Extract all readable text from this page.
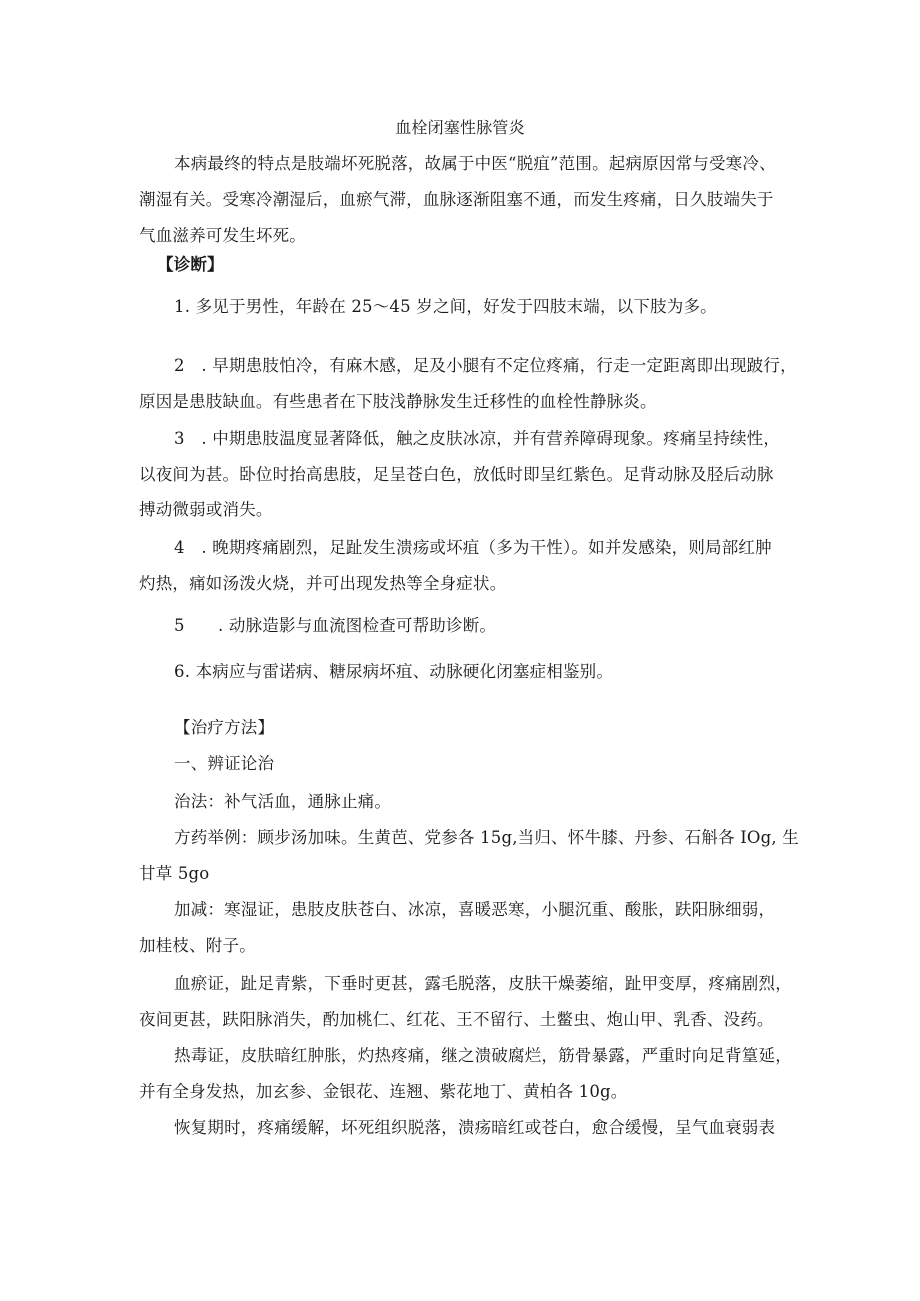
血栓闭塞性脉管炎
本病最终的特点是肢端坏死脱落，故属于中医“脱疽”范围。起病原因常与受寒冷、
潮湿有关。受寒冷潮湿后，血瘀气滞，血脉逐渐阻塞不通，而发生疼痛，日久肢端失于
气血滋养可发生坏死。
【诊断】
1. 多见于男性，年龄在 25～45 岁之间，好发于四肢末端，以下肢为多。
2　. 早期患肢怕冷，有麻木感，足及小腿有不定位疼痛，行走一定距离即出现跛行，
原因是患肢缺血。有些患者在下肢浅静脉发生迁移性的血栓性静脉炎。
3　. 中期患肢温度显著降低，触之皮肤冰凉，并有营养障碍现象。疼痛呈持续性，
以夜间为甚。卧位时抬高患肢，足呈苍白色，放低时即呈红紫色。足背动脉及胫后动脉
搏动微弱或消失。
4　. 晚期疼痛剧烈，足趾发生溃疡或坏疽（多为干性）。如并发感染，则局部红肿
灼热，痛如汤泼火烧，并可出现发热等全身症状。
5 . 动脉造影与血流图检查可帮助诊断。
6. 本病应与雷诺病、糖尿病坏疽、动脉硬化闭塞症相鉴别。
【治疗方法】
一、辨证论治
治法：补气活血，通脉止痛。
方药举例：顾步汤加味。生黄芭、党参各 15g,当归、怀牛膝、丹参、石斛各 IOg, 生
甘草 5go
加减：寒湿证，患肢皮肤苍白、冰凉，喜暖恶寒，小腿沉重、酸胀，趺阳脉细弱，
加桂枝、附子。
血瘀证，趾足青紫，下垂时更甚，露毛脱落，皮肤干燥萎缩，趾甲变厚，疼痛剧烈，
夜间更甚，趺阳脉消失，酌加桃仁、红花、王不留行、土鳖虫、炮山甲、乳香、没药。
热毒证，皮肤暗红肿胀，灼热疼痛，继之溃破腐烂，筋骨暴露，严重时向足背篁延，
并有全身发热，加玄参、金银花、连翘、紫花地丁、黄柏各 10g。
恢复期时，疼痛缓解，坏死组织脱落，溃疡暗红或苍白，愈合缓慢，呈气血衰弱表
